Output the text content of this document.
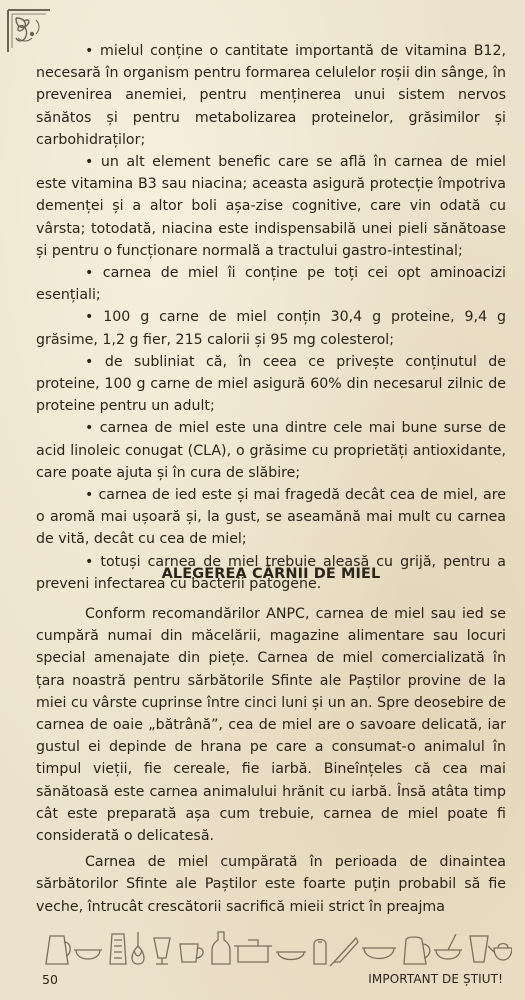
• mielul conține o cantitate importantă de vitamina B12, necesară în organism pentru formarea celulelor roșii din sânge, în prevenirea anemiei, pentru menținerea unui sistem nervos sănătos și pentru metabolizarea proteinelor, grăsimilor și carbohidraților;

• un alt element benefic care se află în carnea de miel este vitamina B3 sau niacina; aceasta asigură protecție împotriva demenței și a altor boli așa-zise cognitive, care vin odată cu vârsta; totodată, niacina este indispensabilă unei pieli sănătoase și pentru o funcționare normală a tractului gastro-intestinal;

• carnea de miel îi conține pe toți cei opt aminoacizi esențiali;

• 100 g carne de miel conțin 30,4 g proteine, 9,4 g grăsime, 1,2 g fier, 215 calorii și 95 mg colesterol;

• de subliniat că, în ceea ce privește conținutul de proteine, 100 g carne de miel asigură 60% din necesarul zilnic de proteine pentru un adult;

• carnea de miel este una dintre cele mai bune surse de acid linoleic conugat (CLA), o grăsime cu proprietăți antioxidante, care poate ajuta și în cura de slăbire;

• carnea de ied este și mai fragedă decât cea de miel, are o aromă mai ușoară și, la gust, se aseamănă mai mult cu carnea de vită, decât cu cea de miel;

• totuși carnea de miel trebuie aleasă cu grijă, pentru a preveni infectarea cu bacterii patogene.

ALEGEREA CĂRNII DE MIEL

Conform recomandărilor ANPC, carnea de miel sau ied se cumpără numai din măcelării, magazine alimentare sau locuri special amenajate din piețe. Carnea de miel comercializată în țara noastră pentru sărbătorile Sfinte ale Paștilor provine de la miei cu vârste cuprinse între cinci luni și un an. Spre deosebire de carnea de oaie „bătrână”, cea de miel are o savoare delicată, iar gustul ei depinde de hrana pe care a consumat-o animalul în timpul vieții, fie cereale, fie iarbă. Bineînțeles că cea mai sănătoasă este carnea animalului hrănit cu iarbă. Însă atâta timp cât este preparată așa cum trebuie, carnea de miel poate fi considerată o delicatesă.

Carnea de miel cumpărată în perioada de dinaintea sărbătorilor Sfinte ale Paștilor este foarte puțin probabil să fie veche, întrucât crescătorii sacrifică mieii strict în preajma

50	IMPORTANT DE ȘTIUT!
